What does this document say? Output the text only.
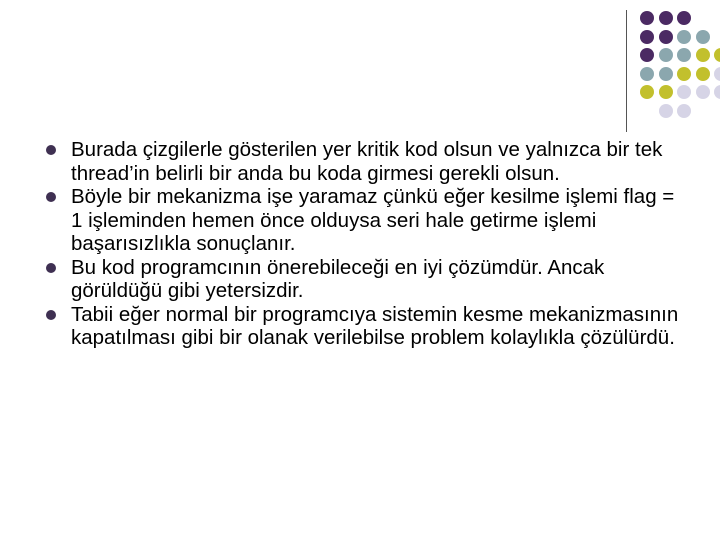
Burada çizgilerle gösterilen yer kritik kod olsun ve yalnızca bir tek thread’in belirli bir anda bu koda girmesi gerekli olsun.
Böyle bir mekanizma işe yaramaz çünkü eğer kesilme işlemi flag = 1 işleminden hemen önce olduysa seri hale getirme işlemi başarısızlıkla sonuçlanır.
Bu kod programcının önerebileceği en iyi çözümdür. Ancak görüldüğü gibi yetersizdir.
Tabii eğer normal bir programcıya sistemin kesme mekanizmasının kapatılması gibi bir olanak verilebilse problem kolaylıkla çözülürdü.
